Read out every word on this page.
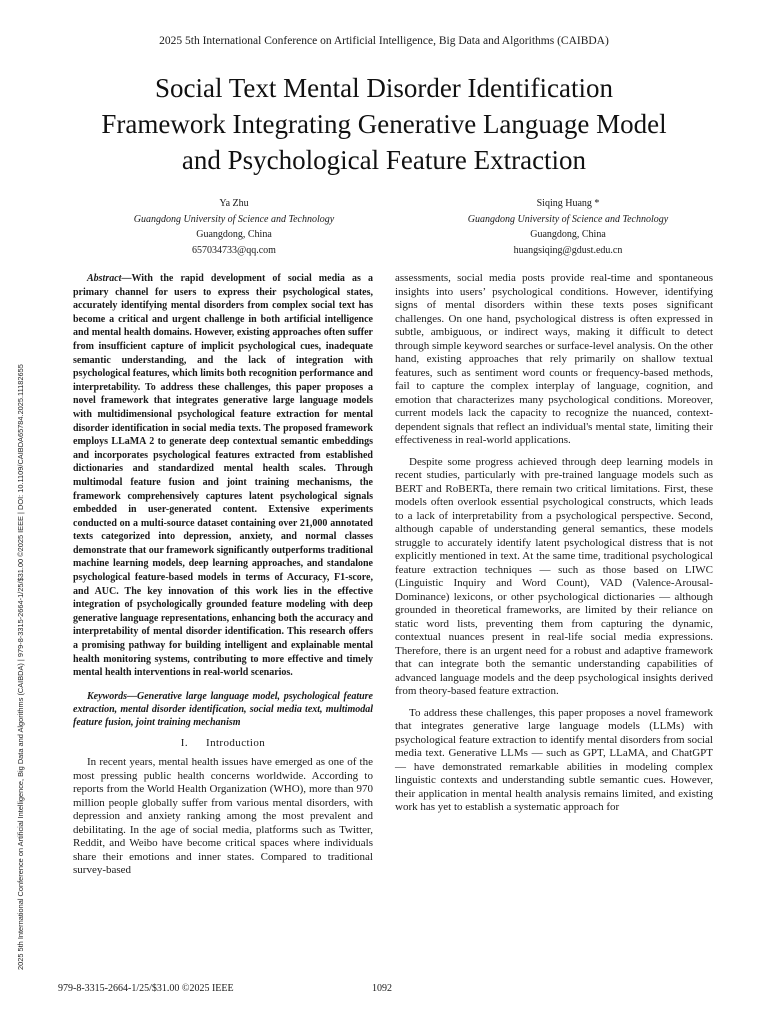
2025 5th International Conference on Artificial Intelligence, Big Data and Algorithms (CAIBDA)
2025 5th International Conference on Artificial Intelligence, Big Data and Algorithms (CAIBDA) | 979-8-3315-2664-1/25/$31.00 ©2025 IEEE | DOI: 10.1109/CAIBDA65784.2025.11182655
Social Text Mental Disorder Identification
Framework Integrating Generative Language Model
and Psychological Feature Extraction
Ya Zhu
Guangdong University of Science and Technology
Guangdong, China
657034733@qq.com
Siqing Huang *
Guangdong University of Science and Technology
Guangdong, China
huangsiqing@gdust.edu.cn

Abstract—With the rapid development of social media as a primary channel for users to express their psychological states, accurately identifying mental disorders from complex social text has become a critical and urgent challenge in both artificial intelligence and mental health domains. However, existing approaches often suffer from insufficient capture of implicit psychological cues, inadequate semantic understanding, and the lack of integration with psychological features, which limits both recognition performance and interpretability. To address these challenges, this paper proposes a novel framework that integrates generative large language models with multidimensional psychological feature extraction for mental disorder identification in social media texts. The proposed framework employs LLaMA 2 to generate deep contextual semantic embeddings and incorporates psychological features extracted from established dictionaries and standardized mental health scales. Through multimodal feature fusion and joint training mechanisms, the framework comprehensively captures latent psychological signals embedded in user-generated content. Extensive experiments conducted on a multi-source dataset containing over 21,000 annotated texts categorized into depression, anxiety, and normal classes demonstrate that our framework significantly outperforms traditional machine learning models, deep learning approaches, and standalone psychological feature-based models in terms of Accuracy, F1-score, and AUC. The key innovation of this work lies in the effective integration of psychologically grounded feature modeling with deep generative language representations, enhancing both the accuracy and interpretability of mental disorder identification. This research offers a promising pathway for building intelligent and explainable mental health monitoring systems, contributing to more effective and timely mental health interventions in real-world scenarios.

Keywords—Generative large language model, psychological feature extraction, mental disorder identification, social media text, multimodal feature fusion, joint training mechanism

I. Introduction

In recent years, mental health issues have emerged as one of the most pressing public health concerns worldwide. According to reports from the World Health Organization (WHO), more than 970 million people globally suffer from various mental disorders, with depression and anxiety ranking among the most prevalent and debilitating. In the age of social media, platforms such as Twitter, Reddit, and Weibo have become critical spaces where individuals share their emotions and inner states. Compared to traditional survey-based

assessments, social media posts provide real-time and spontaneous insights into users’ psychological conditions. However, identifying signs of mental disorders within these texts poses significant challenges. On one hand, psychological distress is often expressed in subtle, ambiguous, or indirect ways, making it difficult to detect through simple keyword searches or surface-level analysis. On the other hand, existing approaches that rely primarily on shallow textual features, such as sentiment word counts or frequency-based methods, fail to capture the complex interplay of language, cognition, and emotion that characterizes many psychological conditions. Moreover, current models lack the capacity to recognize the nuanced, context-dependent signals that reflect an individual's mental state, limiting their effectiveness in real-world applications.

Despite some progress achieved through deep learning models in recent studies, particularly with pre-trained language models such as BERT and RoBERTa, there remain two critical limitations. First, these models often overlook essential psychological constructs, which leads to a lack of interpretability from a psychological perspective. Second, although capable of understanding general semantics, these models struggle to accurately identify latent psychological distress that is not explicitly mentioned in text. At the same time, traditional psychological feature extraction techniques — such as those based on LIWC (Linguistic Inquiry and Word Count), VAD (Valence-Arousal-Dominance) lexicons, or other psychological dictionaries — although grounded in theoretical frameworks, are limited by their reliance on static word lists, preventing them from capturing the dynamic, contextual nuances present in real-life social media expressions. Therefore, there is an urgent need for a robust and adaptive framework that can integrate both the semantic understanding capabilities of advanced language models and the deep psychological insights derived from theory-based feature extraction.

To address these challenges, this paper proposes a novel framework that integrates generative large language models (LLMs) with psychological feature extraction to identify mental disorders from social media text. Generative LLMs — such as GPT, LLaMA, and ChatGPT — have demonstrated remarkable abilities in modeling complex linguistic contexts and understanding subtle semantic cues. However, their application in mental health analysis remains limited, and existing work has yet to establish a systematic approach for

979-8-3315-2664-1/25/$31.00 ©2025 IEEE	1092
